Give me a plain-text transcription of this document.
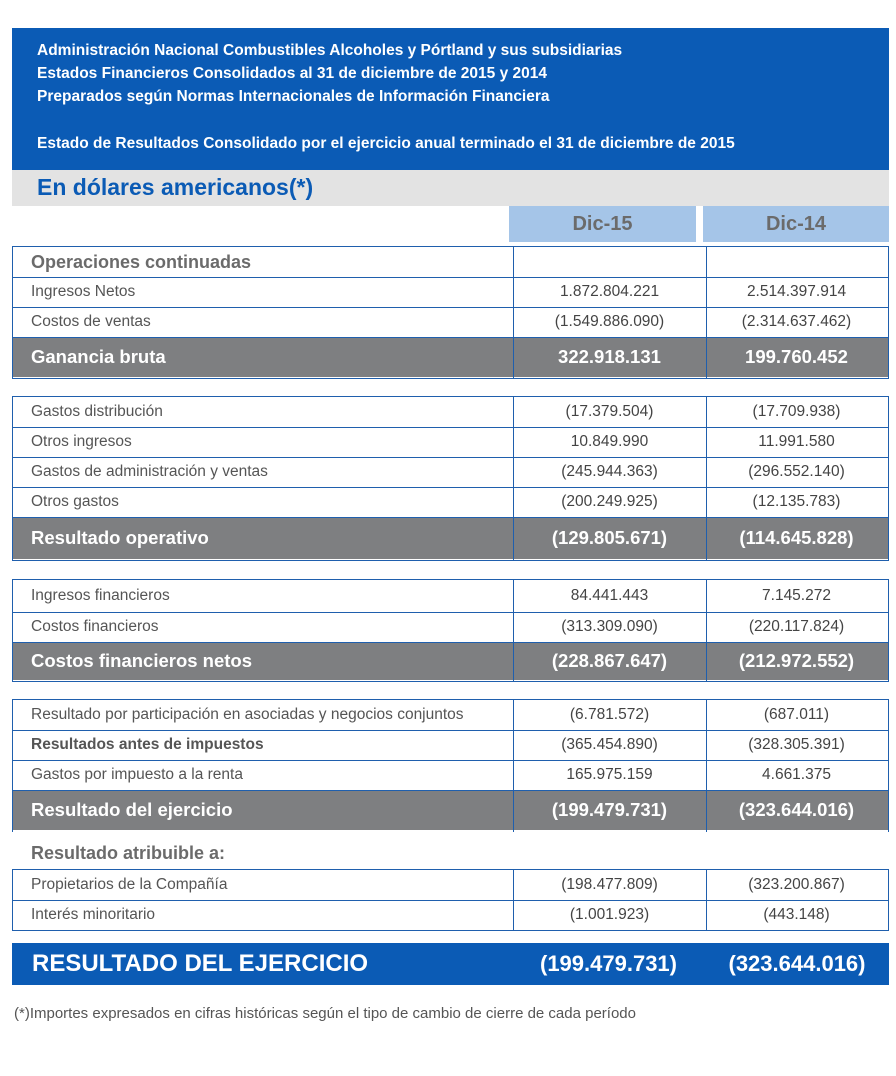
Administración Nacional Combustibles Alcoholes y Pórtland y sus subsidiarias
Estados Financieros Consolidados al 31 de diciembre de 2015 y 2014
Preparados según Normas Internacionales de Información Financiera
Estado de Resultados Consolidado por el ejercicio anual terminado el 31 de diciembre de 2015
En dólares americanos(*)
Dic-15	Dic-14
Operaciones continuadas
Ingresos Netos	1.872.804.221	2.514.397.914
Costos de ventas	(1.549.886.090)	(2.314.637.462)
Ganancia bruta	322.918.131	199.760.452
Gastos distribución	(17.379.504)	(17.709.938)
Otros ingresos	10.849.990	11.991.580
Gastos de administración y ventas	(245.944.363)	(296.552.140)
Otros gastos	(200.249.925)	(12.135.783)
Resultado operativo	(129.805.671)	(114.645.828)
Ingresos financieros	84.441.443	7.145.272
Costos financieros	(313.309.090)	(220.117.824)
Costos financieros netos	(228.867.647)	(212.972.552)
Resultado por participación en asociadas y negocios conjuntos	(6.781.572)	(687.011)
Resultados antes de impuestos	(365.454.890)	(328.305.391)
Gastos por impuesto a la renta	165.975.159	4.661.375
Resultado del ejercicio	(199.479.731)	(323.644.016)
Resultado atribuible a:
Propietarios de la Compañía	(198.477.809)	(323.200.867)
Interés minoritario	(1.001.923)	(443.148)
RESULTADO DEL EJERCICIO	(199.479.731)	(323.644.016)
(*)Importes expresados en cifras históricas según el tipo de cambio de cierre de cada período
